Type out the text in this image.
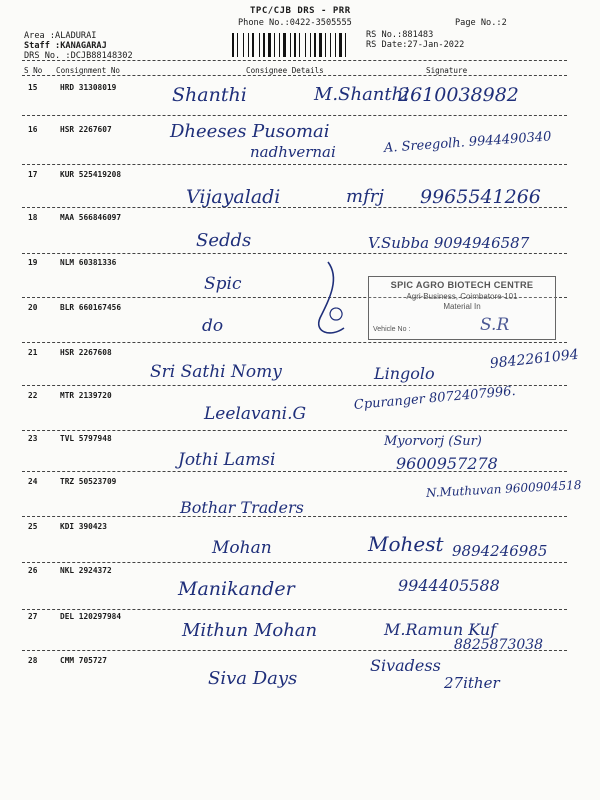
TPC/CJB DRS - PRR
Phone No.:0422-3505555	Page No.:2
Area :ALADURAI
Staff :KANAGARAJ
DRS No. :DCJB88148302
RS No.:881483
RS Date:27-Jan-2022
S No Consignment No	Consignee Details	Signature
15	HRD 31308019	Shanthi	M.Shanthi
2610038982
16	HSR 2267607	Dheeses Pusomai
nadhvernai	A. Sreegolh. 9944490340
17	KUR 525419208
Vijayaladi	mfrj 9965541266
18	MAA 566846097
Sedds	V.Subba 9094946587
19	NLM 60381336
Spic
20	BLR 660167456
do	S.R
21	HSR 2267608
Sri Sathi Nomy	Lingolo
9842261094
22	MTR 2139720
Leelavani.G
Cpuranger 8072407996.
23	TVL 5797948
Jothi Lamsi
Myorvorj (Sur)
9600957278
24	TRZ 50523709
Bothar Traders
N.Muthuvan 9600904518
25	KDI 390423
Mohan	Mohest 9894246985
26	NKL 2924372
Manikander	9944405588
27	DEL 120297984
Mithun Mohan	M.Ramun Kuf
8825873038
28	CMM 705727
Siva Days
Sivadess
27ither
SPIC AGRO BIOTECH CENTRE
Agri-Business, Coimbatore-101
Material In
Vehicle No :
